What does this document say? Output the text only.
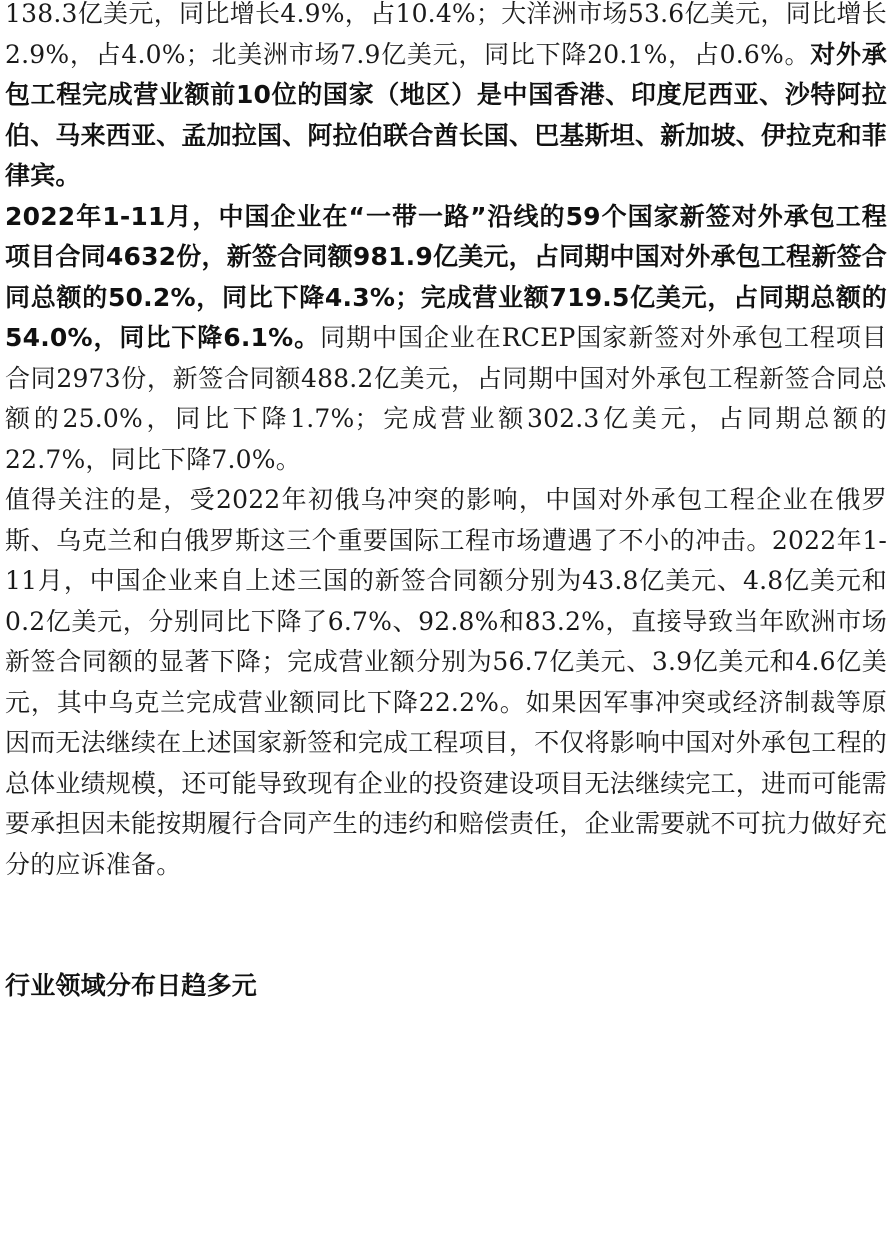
138.3亿美元，同比增长4.9%，占10.4%；大洋洲市场53.6亿美元，同比增长2.9%，占4.0%；北美洲市场7.9亿美元，同比下降20.1%，占0.6%。对外承包工程完成营业额前10位的国家（地区）是中国香港、印度尼西亚、沙特阿拉伯、马来西亚、孟加拉国、阿拉伯联合酋长国、巴基斯坦、新加坡、伊拉克和菲律宾。

2022年1-11月，中国企业在“一带一路”沿线的59个国家新签对外承包工程项目合同4632份，新签合同额981.9亿美元，占同期中国对外承包工程新签合同总额的50.2%，同比下降4.3%；完成营业额719.5亿美元，占同期总额的54.0%，同比下降6.1%。同期中国企业在RCEP国家新签对外承包工程项目合同2973份，新签合同额488.2亿美元，占同期中国对外承包工程新签合同总额的25.0%，同比下降1.7%；完成营业额302.3亿美元，占同期总额的22.7%，同比下降7.0%。

值得关注的是，受2022年初俄乌冲突的影响，中国对外承包工程企业在俄罗斯、乌克兰和白俄罗斯这三个重要国际工程市场遭遇了不小的冲击。2022年1-11月，中国企业来自上述三国的新签合同额分别为43.8亿美元、4.8亿美元和0.2亿美元，分别同比下降了6.7%、92.8%和83.2%，直接导致当年欧洲市场新签合同额的显著下降；完成营业额分别为56.7亿美元、3.9亿美元和4.6亿美元，其中乌克兰完成营业额同比下降22.2%。如果因军事冲突或经济制裁等原因而无法继续在上述国家新签和完成工程项目，不仅将影响中国对外承包工程的总体业绩规模，还可能导致现有企业的投资建设项目无法继续完工，进而可能需要承担因未能按期履行合同产生的违约和赔偿责任，企业需要就不可抗力做好充分的应诉准备。

行业领域分布日趋多元
